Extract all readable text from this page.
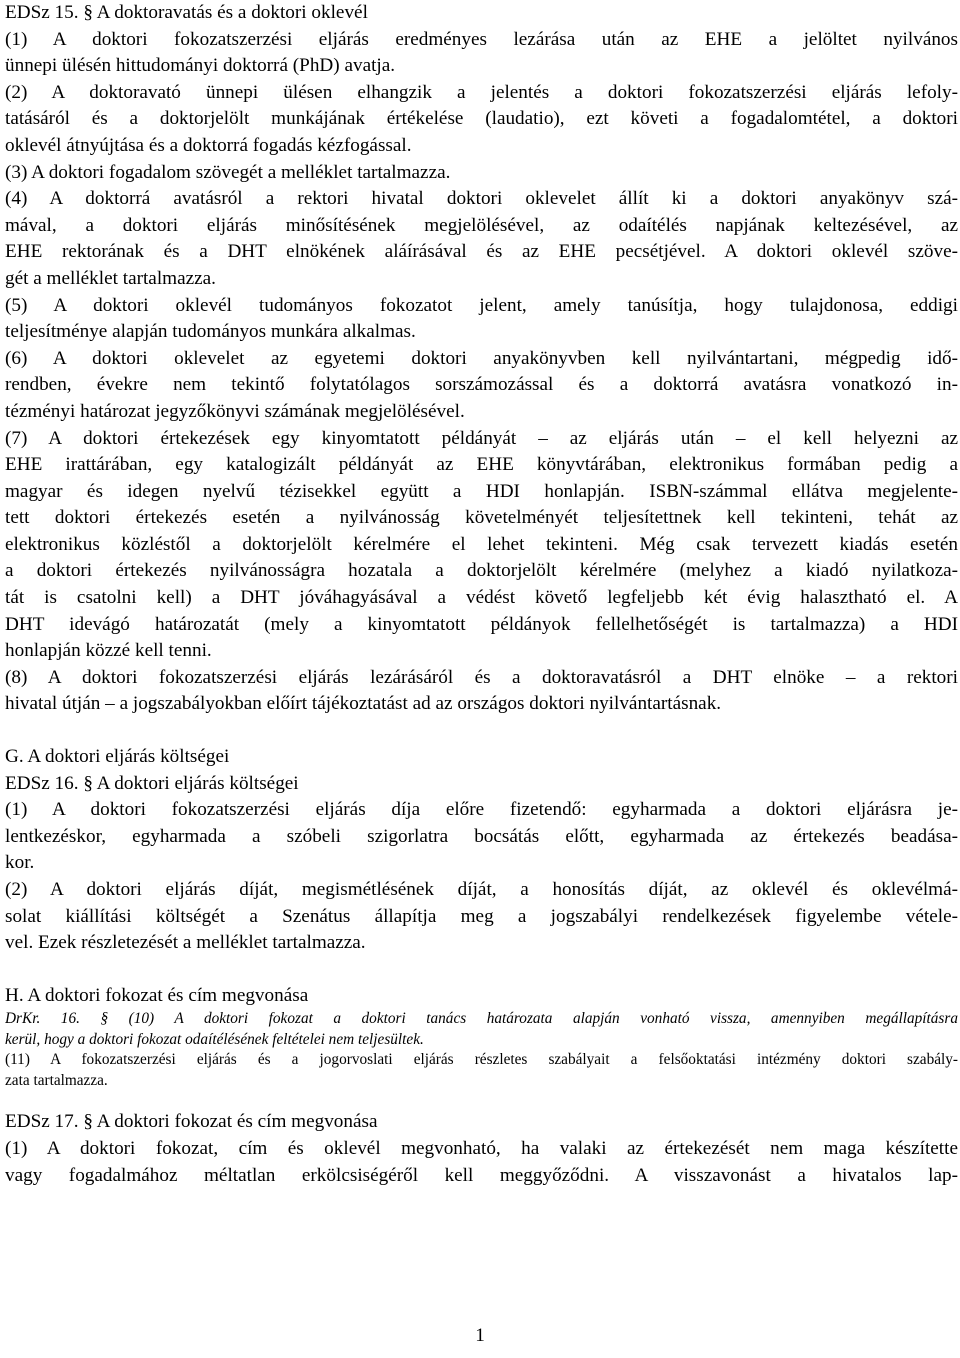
EDSz 15. § A doktoravatás és a doktori oklevél
(1) A doktori fokozatszerzési eljárás eredményes lezárása után az EHE a jelöltet nyilvános
ünnepi ülésén hittudományi doktorrá (PhD) avatja.
(2) A doktoravató ünnepi ülésen elhangzik a jelentés a doktori fokozatszerzési eljárás lefoly-
tatásáról és a doktorjelölt munkájának értékelése (laudatio), ezt követi a fogadalomtétel, a doktori
oklevél átnyújtása és a doktorrá fogadás kézfogással.
(3) A doktori fogadalom szövegét a melléklet tartalmazza.
(4) A doktorrá avatásról a rektori hivatal doktori oklevelet állít ki a doktori anyakönyv szá-
mával, a doktori eljárás minősítésének megjelölésével, az odaítélés napjának keltezésével, az
EHE rektorának és a DHT elnökének aláírásával és az EHE pecsétjével. A doktori oklevél szöve-
gét a melléklet tartalmazza.
(5) A doktori oklevél tudományos fokozatot jelent, amely tanúsítja, hogy tulajdonosa, eddigi
teljesítménye alapján tudományos munkára alkalmas.
(6) A doktori oklevelet az egyetemi doktori anyakönyvben kell nyilvántartani, mégpedig idő-
rendben, évekre nem tekintő folytatólagos sorszámozással és a doktorrá avatásra vonatkozó in-
tézményi határozat jegyzőkönyvi számának megjelölésével.
(7) A doktori értekezések egy kinyomtatott példányát – az eljárás után – el kell helyezni az
EHE irattárában, egy katalogizált példányát az EHE könyvtárában, elektronikus formában pedig a
magyar és idegen nyelvű tézisekkel együtt a HDI honlapján. ISBN-számmal ellátva megjelente-
tett doktori értekezés esetén a nyilvánosság követelményét teljesítettnek kell tekinteni, tehát az
elektronikus közléstől a doktorjelölt kérelmére el lehet tekinteni. Még csak tervezett kiadás esetén
a doktori értekezés nyilvánosságra hozatala a doktorjelölt kérelmére (melyhez a kiadó nyilatkoza-
tát is csatolni kell) a DHT jóváhagyásával a védést követő legfeljebb két évig halasztható el. A
DHT idevágó határozatát (mely a kinyomtatott példányok fellelhetőségét is tartalmazza) a HDI
honlapján közzé kell tenni.
(8) A doktori fokozatszerzési eljárás lezárásáról és a doktoravatásról a DHT elnöke – a rektori
hivatal útján – a jogszabályokban előírt tájékoztatást ad az országos doktori nyilvántartásnak.
G. A doktori eljárás költségei
EDSz 16. § A doktori eljárás költségei
(1) A doktori fokozatszerzési eljárás díja előre fizetendő: egyharmada a doktori eljárásra je-
lentkezéskor, egyharmada a szóbeli szigorlatra bocsátás előtt, egyharmada az értekezés beadása-
kor.
(2) A doktori eljárás díját, megismétlésének díját, a honosítás díját, az oklevél és oklevélmá-
solat kiállítási költségét a Szenátus állapítja meg a jogszabályi rendelkezések figyelembe vétele-
vel. Ezek részletezését a melléklet tartalmazza.
H. A doktori fokozat és cím megvonása
DrKr. 16. § (10) A doktori fokozat a doktori tanács határozata alapján vonható vissza, amennyiben megállapításra
kerül, hogy a doktori fokozat odaítélésének feltételei nem teljesültek.
(11) A fokozatszerzési eljárás és a jogorvoslati eljárás részletes szabályait a felsőoktatási intézmény doktori szabály-
zata tartalmazza.
EDSz 17. § A doktori fokozat és cím megvonása
(1) A doktori fokozat, cím és oklevél megvonható, ha valaki az értekezését nem maga készítette
vagy fogadalmához méltatlan erkölcsiségéről kell meggyőződni. A visszavonást a hivatalos lap-
1
